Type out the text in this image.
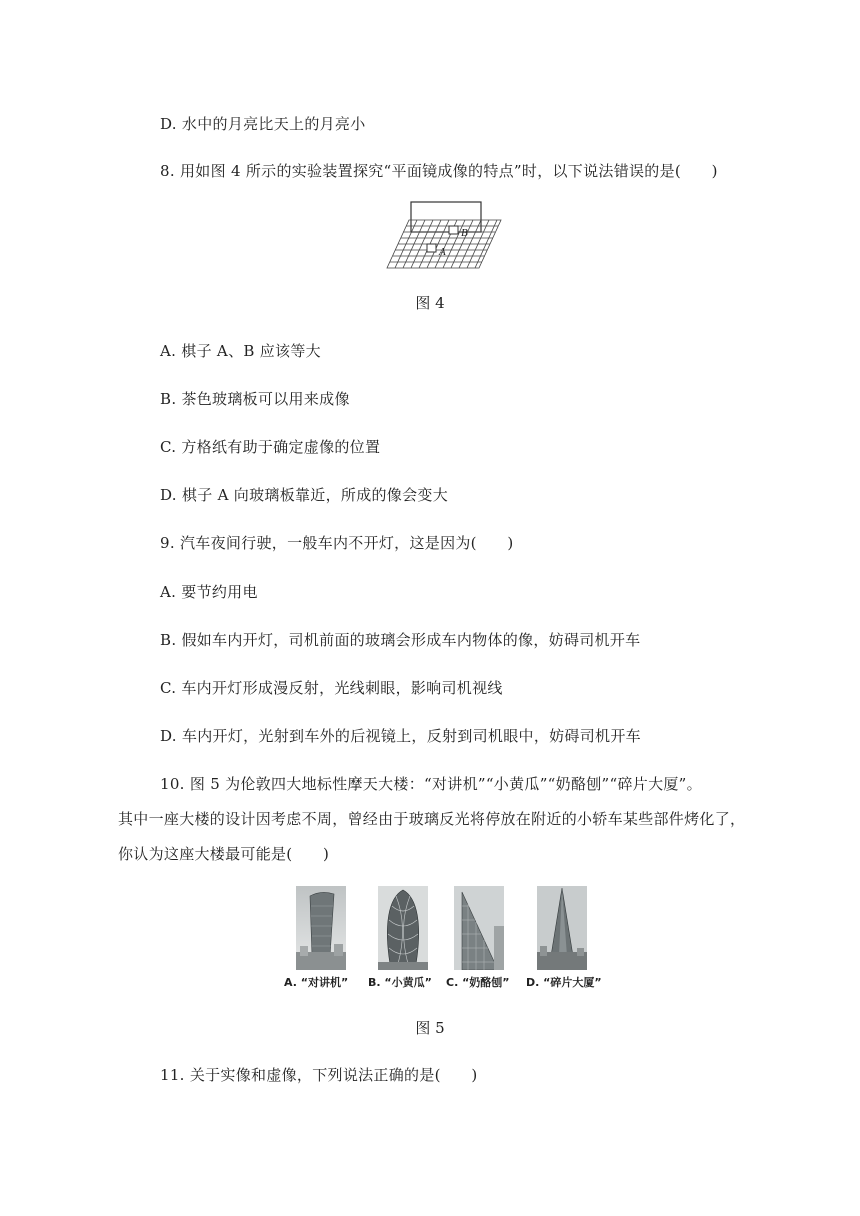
D. 水中的月亮比天上的月亮小
8. 用如图 4 所示的实验装置探究“平面镜成像的特点”时，以下说法错误的是(　　)
B
A
图 4
A. 棋子 A、B 应该等大
B. 茶色玻璃板可以用来成像
C. 方格纸有助于确定虚像的位置
D. 棋子 A 向玻璃板靠近，所成的像会变大
9. 汽车夜间行驶，一般车内不开灯，这是因为(　　)
A. 要节约用电
B. 假如车内开灯，司机前面的玻璃会形成车内物体的像，妨碍司机开车
C. 车内开灯形成漫反射，光线刺眼，影响司机视线
D. 车内开灯，光射到车外的后视镜上，反射到司机眼中，妨碍司机开车
10. 图 5 为伦敦四大地标性摩天大楼：“对讲机”“小黄瓜”“奶酪刨”“碎片大厦”。
其中一座大楼的设计因考虑不周，曾经由于玻璃反光将停放在附近的小轿车某些部件烤化了，
你认为这座大楼最可能是(　　)
A. “对讲机” B. “小黄瓜” C. “奶酪刨” D. “碎片大厦”
图 5
11. 关于实像和虚像，下列说法正确的是(　　)
